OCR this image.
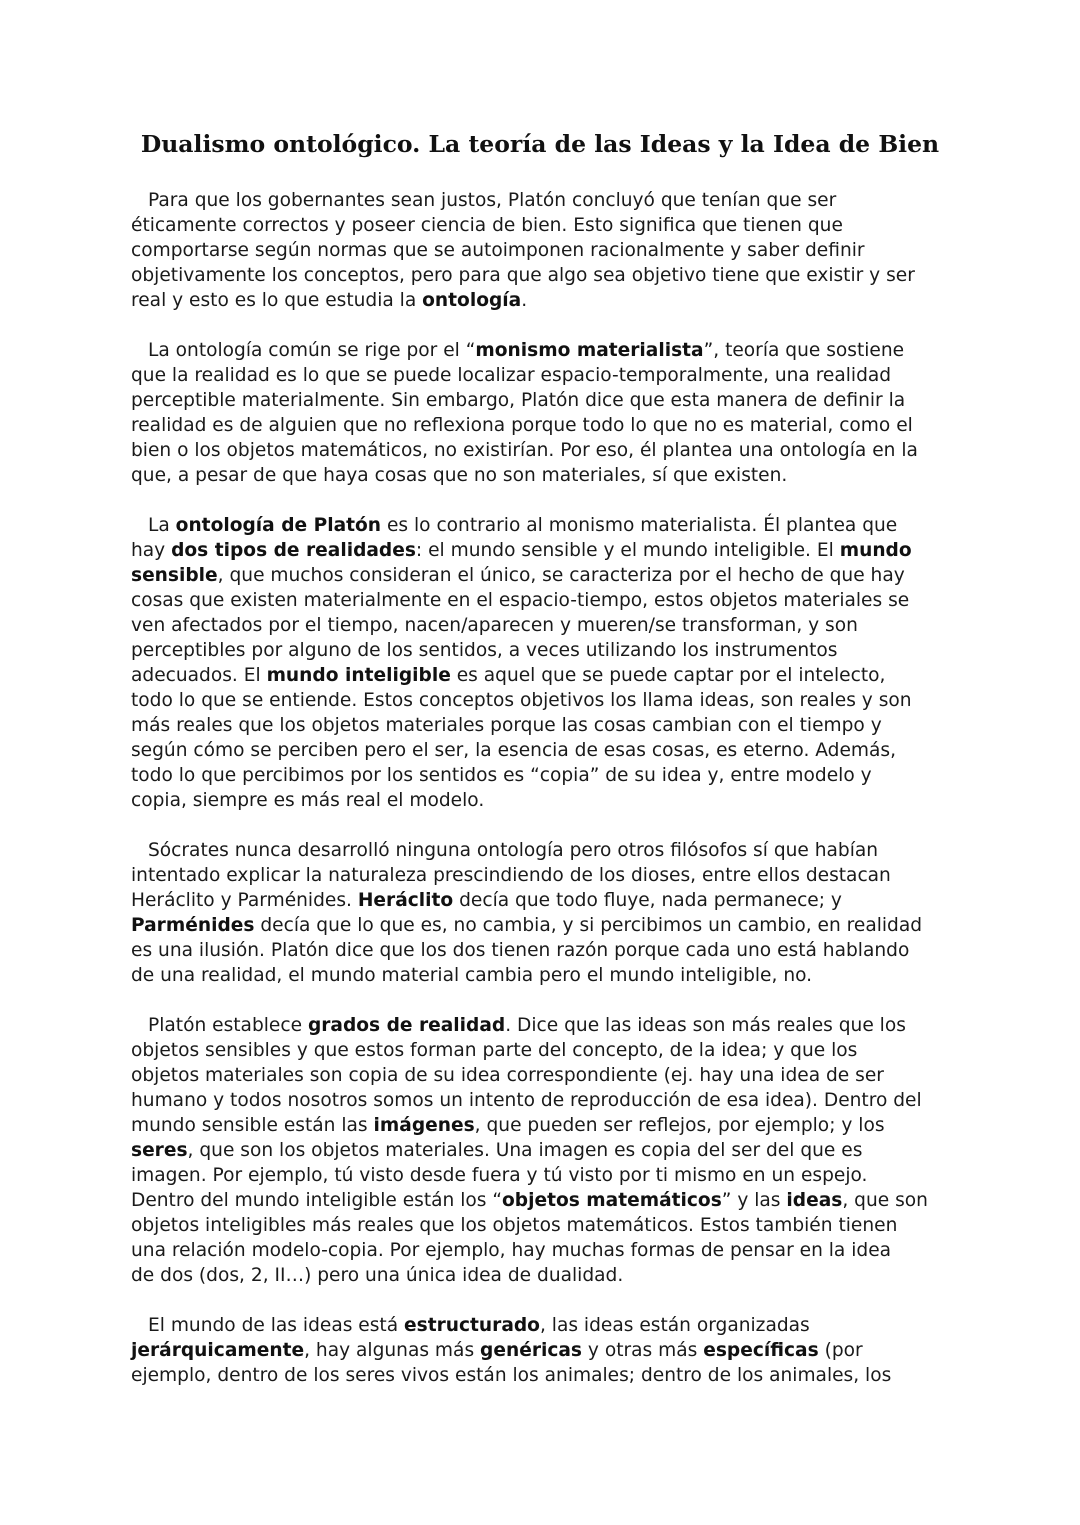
Dualismo ontológico. La teoría de las Ideas y la Idea de Bien

Para que los gobernantes sean justos, Platón concluyó que tenían que ser
éticamente correctos y poseer ciencia de bien. Esto significa que tienen que
comportarse según normas que se autoimponen racionalmente y saber definir
objetivamente los conceptos, pero para que algo sea objetivo tiene que existir y ser
real y esto es lo que estudia la ontología.

La ontología común se rige por el “monismo materialista”, teoría que sostiene
que la realidad es lo que se puede localizar espacio-temporalmente, una realidad
perceptible materialmente. Sin embargo, Platón dice que esta manera de definir la
realidad es de alguien que no reflexiona porque todo lo que no es material, como el
bien o los objetos matemáticos, no existirían. Por eso, él plantea una ontología en la
que, a pesar de que haya cosas que no son materiales, sí que existen.

La ontología de Platón es lo contrario al monismo materialista. Él plantea que
hay dos tipos de realidades: el mundo sensible y el mundo inteligible. El mundo
sensible, que muchos consideran el único, se caracteriza por el hecho de que hay
cosas que existen materialmente en el espacio-tiempo, estos objetos materiales se
ven afectados por el tiempo, nacen/aparecen y mueren/se transforman, y son
perceptibles por alguno de los sentidos, a veces utilizando los instrumentos
adecuados. El mundo inteligible es aquel que se puede captar por el intelecto,
todo lo que se entiende. Estos conceptos objetivos los llama ideas, son reales y son
más reales que los objetos materiales porque las cosas cambian con el tiempo y
según cómo se perciben pero el ser, la esencia de esas cosas, es eterno. Además,
todo lo que percibimos por los sentidos es “copia” de su idea y, entre modelo y
copia, siempre es más real el modelo.

Sócrates nunca desarrolló ninguna ontología pero otros filósofos sí que habían
intentado explicar la naturaleza prescindiendo de los dioses, entre ellos destacan
Heráclito y Parménides. Heráclito decía que todo fluye, nada permanece; y
Parménides decía que lo que es, no cambia, y si percibimos un cambio, en realidad
es una ilusión. Platón dice que los dos tienen razón porque cada uno está hablando
de una realidad, el mundo material cambia pero el mundo inteligible, no.

Platón establece grados de realidad. Dice que las ideas son más reales que los
objetos sensibles y que estos forman parte del concepto, de la idea; y que los
objetos materiales son copia de su idea correspondiente (ej. hay una idea de ser
humano y todos nosotros somos un intento de reproducción de esa idea). Dentro del
mundo sensible están las imágenes, que pueden ser reflejos, por ejemplo; y los
seres, que son los objetos materiales. Una imagen es copia del ser del que es
imagen. Por ejemplo, tú visto desde fuera y tú visto por ti mismo en un espejo.
Dentro del mundo inteligible están los “objetos matemáticos” y las ideas, que son
objetos inteligibles más reales que los objetos matemáticos. Estos también tienen
una relación modelo-copia. Por ejemplo, hay muchas formas de pensar en la idea
de dos (dos, 2, II…) pero una única idea de dualidad.

El mundo de las ideas está estructurado, las ideas están organizadas
jerárquicamente, hay algunas más genéricas y otras más específicas (por
ejemplo, dentro de los seres vivos están los animales; dentro de los animales, los
